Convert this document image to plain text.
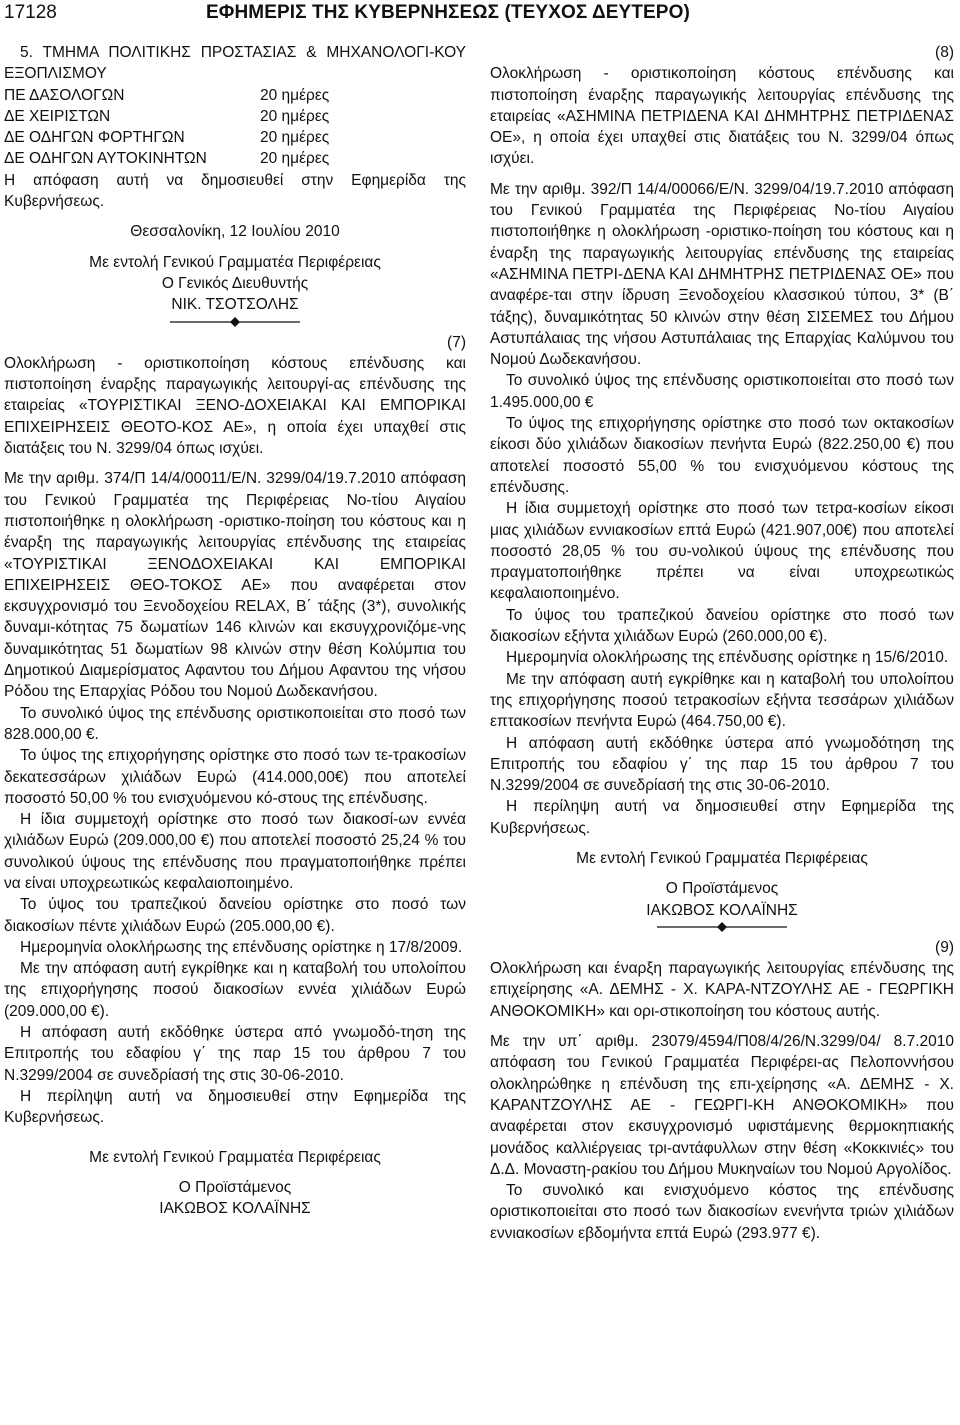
17128	ΕΦΗΜΕΡΙΣ ΤΗΣ ΚΥΒΕΡΝΗΣΕΩΣ (ΤΕΥΧΟΣ ΔΕΥΤΕΡΟ)

5. ΤΜΗΜΑ ΠΟΛΙΤΙΚΗΣ ΠΡΟΣΤΑΣΙΑΣ & ΜΗΧΑΝΟΛΟΓΙ-ΚΟΥ ΕΞΟΠΛΙΣΜΟΥ

ΠΕ ΔΑΣΟΛΟΓΩΝ	20 ημέρες
ΔΕ ΧΕΙΡΙΣΤΩΝ	20 ημέρες
ΔΕ ΟΔΗΓΩΝ ΦΟΡΤΗΓΩΝ	20 ημέρες
ΔΕ ΟΔΗΓΩΝ ΑΥΤΟΚΙΝΗΤΩΝ	20 ημέρες

Η απόφαση αυτή να δημοσιευθεί στην Εφημερίδα της Κυβερνήσεως.

Θεσσαλονίκη, 12 Ιουλίου 2010

Με εντολή Γενικού Γραμματέα Περιφέρειας

Ο Γενικός Διευθυντής

ΝΙΚ. ΤΣΟΤΣΟΛΗΣ

(7)

Ολοκλήρωση - οριστικοποίηση κόστους επένδυσης και πιστοποίηση έναρξης παραγωγικής λειτουργί-ας επένδυσης της εταιρείας «ΤΟΥΡΙΣΤΙΚΑΙ ΞΕΝΟ-ΔΟΧΕΙΑΚΑΙ ΚΑΙ ΕΜΠΟΡΙΚΑΙ ΕΠΙΧΕΙΡΗΣΕΙΣ ΘΕΟΤΟ-ΚΟΣ ΑΕ», η οποία έχει υπαχθεί στις διατάξεις του Ν. 3299/04 όπως ισχύει.

Με την αριθμ. 374/Π 14/4/00011/Ε/Ν. 3299/04/19.7.2010 απόφαση του Γενικού Γραμματέα της Περιφέρειας Νο-τίου Αιγαίου πιστοποιήθηκε η ολοκλήρωση -οριστικο-ποίηση του κόστους και η έναρξη της παραγωγικής λειτουργίας επένδυσης της εταιρείας «ΤΟΥΡΙΣΤΙΚΑΙ ΞΕΝΟΔΟΧΕΙΑΚΑΙ ΚΑΙ ΕΜΠΟΡΙΚΑΙ ΕΠΙΧΕΙΡΗΣΕΙΣ ΘΕΟ-ΤΟΚΟΣ ΑΕ» που αναφέρεται στον εκσυγχρονισμό του Ξενοδοχείου RELAX, Β΄ τάξης (3*), συνολικής δυναμι-κότητας 75 δωματίων 146 κλινών και εκσυγχρονιζόμε-νης δυναμικότητας 51 δωματίων 98 κλινών στην θέση Κολύμπια του Δημοτικού Διαμερίσματος Αφαντου του Δήμου Αφαντου της νήσου Ρόδου της Επαρχίας Ρόδου του Νομού Δωδεκανήσου.

Το συνολικό ύψος της επένδυσης οριστικοποιείται στο ποσό των 828.000,00 €.

Το ύψος της επιχορήγησης ορίστηκε στο ποσό των τε-τρακοσίων δεκατεσσάρων χιλιάδων Ευρώ (414.000,00€) που αποτελεί ποσοστό 50,00 % του ενισχυόμενου κό-στους της επένδυσης.

Η ίδια συμμετοχή ορίστηκε στο ποσό των διακοσί-ων εννέα χιλιάδων Ευρώ (209.000,00 €) που αποτελεί ποσοστό 25,24 % του συνολικού ύψους της επένδυσης που πραγματοποιήθηκε πρέπει να είναι υποχρεωτικώς κεφαλαιοποιημένο.

Το ύψος του τραπεζικού δανείου ορίστηκε στο ποσό των διακοσίων πέντε χιλιάδων Ευρώ (205.000,00 €).

Ημερομηνία ολοκλήρωσης της επένδυσης ορίστηκε η 17/8/2009.

Με την απόφαση αυτή εγκρίθηκε και η καταβολή του υπολοίπου της επιχορήγησης ποσού διακοσίων εννέα χιλιάδων Ευρώ (209.000,00 €).

Η απόφαση αυτή εκδόθηκε ύστερα από γνωμοδό-τηση της Επιτροπής του εδαφίου γ΄ της παρ 15 του άρθρου 7 του Ν.3299/2004 σε συνεδρίασή της στις 30-06-2010.

Η περίληψη αυτή να δημοσιευθεί στην Εφημερίδα της Κυβερνήσεως.

Με εντολή Γενικού Γραμματέα Περιφέρειας

Ο Προϊστάμενος

ΙΑΚΩΒΟΣ ΚΟΛΑΪΝΗΣ

(8)

Ολοκλήρωση - οριστικοποίηση κόστους επένδυσης και πιστοποίηση έναρξης παραγωγικής λειτουργίας επένδυσης της εταιρείας «ΑΣΗΜΙΝΑ ΠΕΤΡΙΔΕΝΑ ΚΑΙ ΔΗΜΗΤΡΗΣ ΠΕΤΡΙΔΕΝΑΣ ΟΕ», η οποία έχει υπαχθεί στις διατάξεις του Ν. 3299/04 όπως ισχύει.

Με την αριθμ. 392/Π 14/4/00066/Ε/Ν. 3299/04/19.7.2010 απόφαση του Γενικού Γραμματέα της Περιφέρειας Νο-τίου Αιγαίου πιστοποιήθηκε η ολοκλήρωση -οριστικο-ποίηση του κόστους και η έναρξη της παραγωγικής λειτουργίας επένδυσης της εταιρείας «ΑΣΗΜΙΝΑ ΠΕΤΡΙ-ΔΕΝΑ ΚΑΙ ΔΗΜΗΤΡΗΣ ΠΕΤΡΙΔΕΝΑΣ ΟΕ» που αναφέρε-ται στην ίδρυση Ξενοδοχείου κλασσικού τύπου, 3* (Β΄ τάξης), δυναμικότητας 50 κλινών στην θέση ΣΙΣΕΜΕΣ του Δήμου Αστυπάλαιας της νήσου Αστυπάλαιας της Επαρχίας Καλύμνου του Νομού Δωδεκανήσου.

Το συνολικό ύψος της επένδυσης οριστικοποιείται στο ποσό των 1.495.000,00 €

Το ύψος της επιχορήγησης ορίστηκε στο ποσό των οκτακοσίων είκοσι δύο χιλιάδων διακοσίων πενήντα Ευρώ (822.250,00 €) που αποτελεί ποσοστό 55,00 % του ενισχυόμενου κόστους της επένδυσης.

Η ίδια συμμετοχή ορίστηκε στο ποσό των τετρα-κοσίων είκοσι μιας χιλιάδων εννιακοσίων επτά Ευρώ (421.907,00€) που αποτελεί ποσοστό 28,05 % του συ-νολικού ύψους της επένδυσης που πραγματοποιήθηκε πρέπει να είναι υποχρεωτικώς κεφαλαιοποιημένο.

Το ύψος του τραπεζικού δανείου ορίστηκε στο ποσό των διακοσίων εξήντα χιλιάδων Ευρώ (260.000,00 €).

Ημερομηνία ολοκλήρωσης της επένδυσης ορίστηκε η 15/6/2010.

Με την απόφαση αυτή εγκρίθηκε και η καταβολή του υπολοίπου της επιχορήγησης ποσού τετρακοσίων εξήντα τεσσάρων χιλιάδων επτακοσίων πενήντα Ευρώ (464.750,00 €).

Η απόφαση αυτή εκδόθηκε ύστερα από γνωμοδότηση της Επιτροπής του εδαφίου γ΄ της παρ 15 του άρθρου 7 του Ν.3299/2004 σε συνεδρίασή της στις 30-06-2010.

Η περίληψη αυτή να δημοσιευθεί στην Εφημερίδα της Κυβερνήσεως.

Με εντολή Γενικού Γραμματέα Περιφέρειας

Ο Προϊστάμενος

ΙΑΚΩΒΟΣ ΚΟΛΑΪΝΗΣ

(9)

Ολοκλήρωση και έναρξη παραγωγικής λειτουργίας επένδυσης της επιχείρησης «Α. ΔΕΜΗΣ - Χ. ΚΑΡΑ-ΝΤΖΟΥΛΗΣ ΑΕ - ΓΕΩΡΓΙΚΗ ΑΝΘΟΚΟΜΙΚΗ» και ορι-στικοποίηση του κόστους αυτής.

Με την υπ΄ αριθμ. 23079/4594/Π08/4/26/Ν.3299/04/ 8.7.2010 απόφαση του Γενικού Γραμματέα Περιφέρει-ας Πελοποννήσου ολοκληρώθηκε η επένδυση της επι-χείρησης «Α. ΔΕΜΗΣ - Χ. ΚΑΡΑΝΤΖΟΥΛΗΣ ΑΕ - ΓΕΩΡΓΙ-ΚΗ ΑΝΘΟΚΟΜΙΚΗ» που αναφέρεται στον εκσυγχρονισμό υφιστάμενης θερμοκηπιακής μονάδος καλλιέργειας τρι-αντάφυλλων στην θέση «Κοκκινιές» του Δ.Δ. Μοναστη-ρακίου του Δήμου Μυκηναίων του Νομού Αργολίδος.

Το συνολικό και ενισχυόμενο κόστος της επένδυσης οριστικοποιείται στο ποσό των διακοσίων ενενήντα τριών χιλιάδων εννιακοσίων εβδομήντα επτά Ευρώ (293.977 €).
